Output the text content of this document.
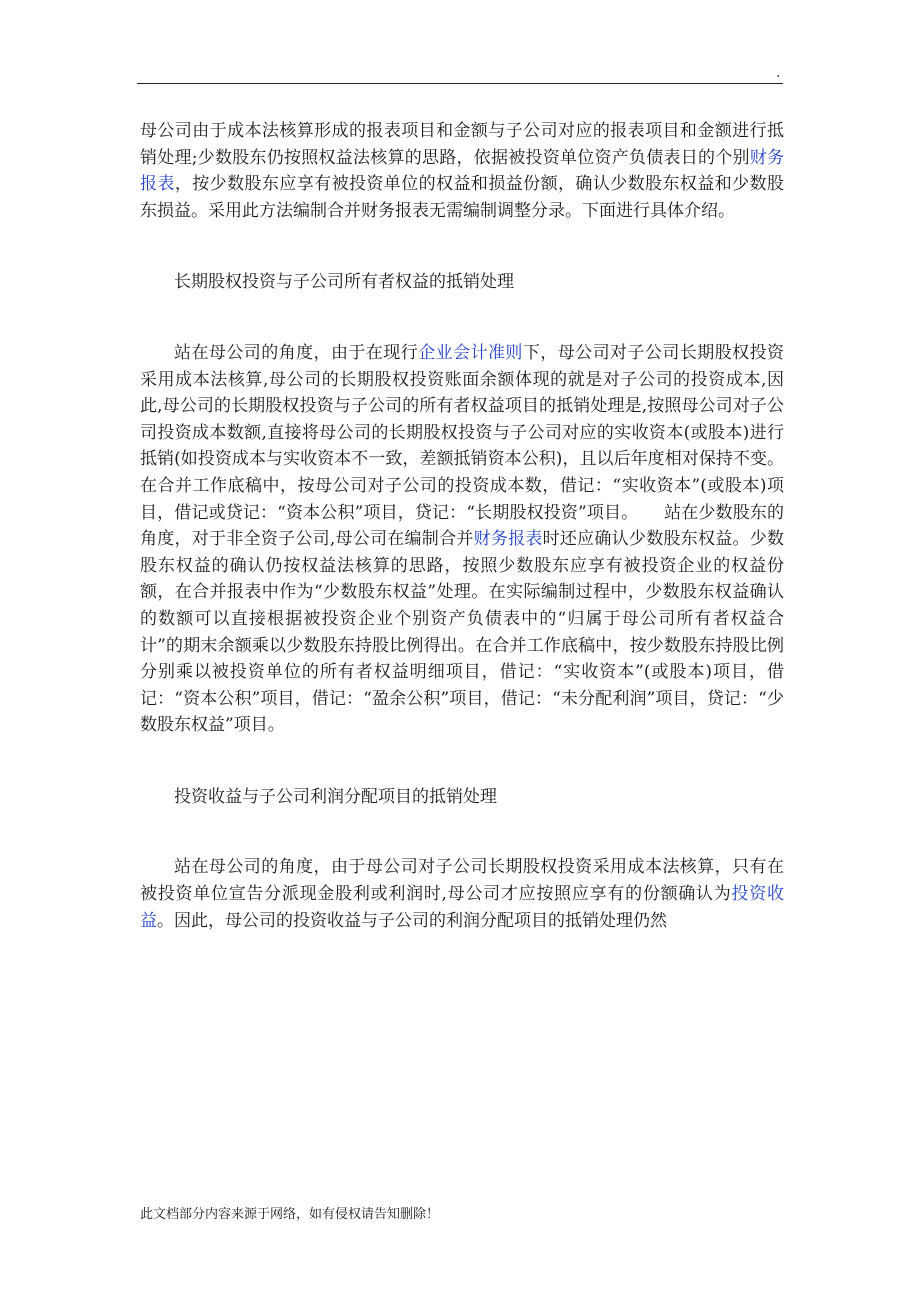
.

母公司由于成本法核算形成的报表项目和金额与子公司对应的报表项目和金额进行抵销处理;少数股东仍按照权益法核算的思路，依据被投资单位资产负债表日的个别财务报表，按少数股东应享有被投资单位的权益和损益份额，确认少数股东权益和少数股东损益。采用此方法编制合并财务报表无需编制调整分录。下面进行具体介绍。

长期股权投资与子公司所有者权益的抵销处理

站在母公司的角度，由于在现行企业会计准则下，母公司对子公司长期股权投资采用成本法核算,母公司的长期股权投资账面余额体现的就是对子公司的投资成本,因此,母公司的长期股权投资与子公司的所有者权益项目的抵销处理是,按照母公司对子公司投资成本数额,直接将母公司的长期股权投资与子公司对应的实收资本(或股本)进行抵销(如投资成本与实收资本不一致，差额抵销资本公积)，且以后年度相对保持不变。在合并工作底稿中，按母公司对子公司的投资成本数，借记：“实收资本”(或股本)项目，借记或贷记：“资本公积”项目，贷记：“长期股权投资”项目。　　站在少数股东的角度，对于非全资子公司,母公司在编制合并财务报表时还应确认少数股东权益。少数股东权益的确认仍按权益法核算的思路，按照少数股东应享有被投资企业的权益份额，在合并报表中作为“少数股东权益”处理。在实际编制过程中，少数股东权益确认的数额可以直接根据被投资企业个别资产负债表中的“归属于母公司所有者权益合计”的期末余额乘以少数股东持股比例得出。在合并工作底稿中，按少数股东持股比例分别乘以被投资单位的所有者权益明细项目，借记：“实收资本”(或股本)项目，借记：“资本公积”项目，借记：“盈余公积”项目，借记：“未分配利润”项目，贷记：“少数股东权益”项目。

投资收益与子公司利润分配项目的抵销处理

站在母公司的角度，由于母公司对子公司长期股权投资采用成本法核算，只有在被投资单位宣告分派现金股利或利润时,母公司才应按照应享有的份额确认为投资收益。因此，母公司的投资收益与子公司的利润分配项目的抵销处理仍然

此文档部分内容来源于网络，如有侵权请告知删除！
